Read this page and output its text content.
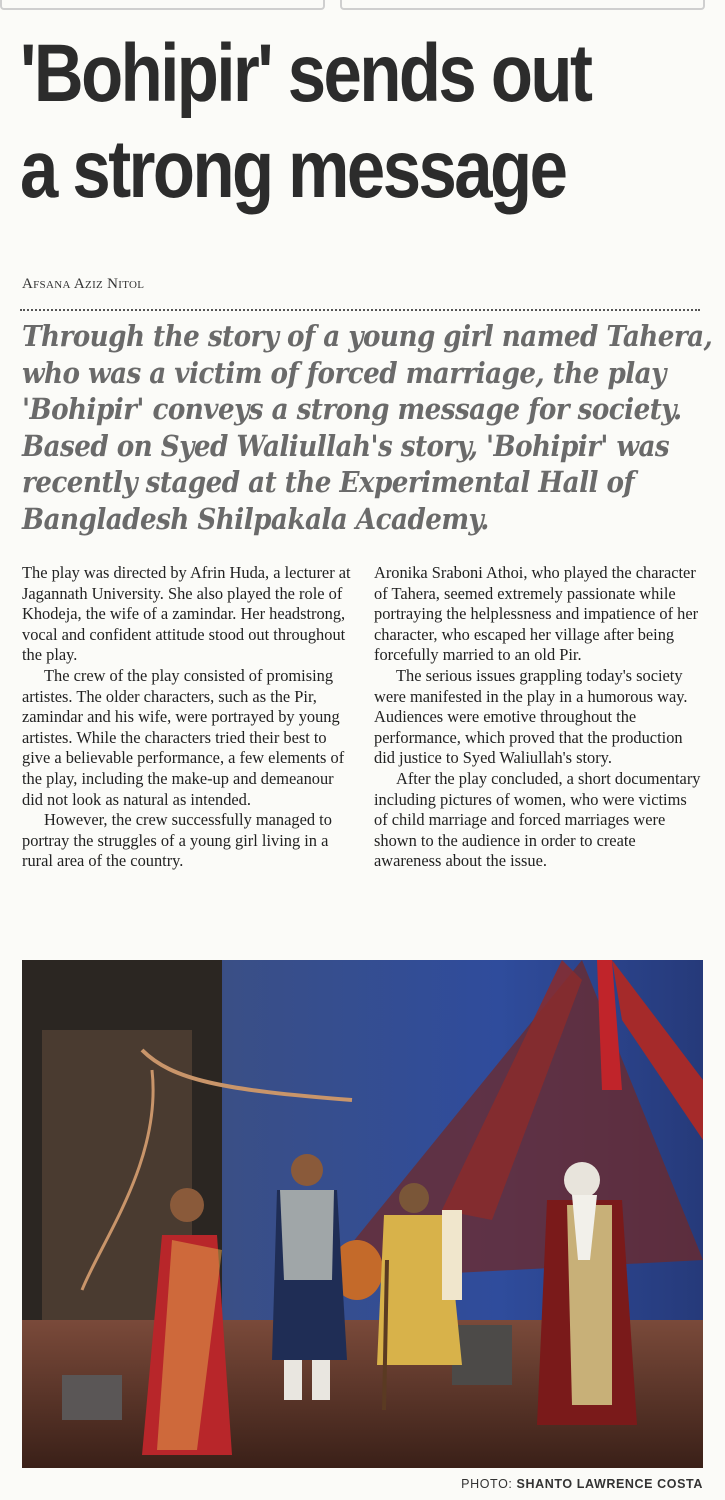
'Bohipir' sends out
a strong message
Afsana Aziz Nitol
Through the story of a young girl named Tahera,
who was a victim of forced marriage, the play
'Bohipir' conveys a strong message for society.
Based on Syed Waliullah's story, 'Bohipir' was
recently staged at the Experimental Hall of
Bangladesh Shilpakala Academy.

The play was directed by Afrin Huda, a lecturer at Jagannath University. She also played the role of Khodeja, the wife of a zamindar. Her headstrong, vocal and confident attitude stood out throughout the play.

The crew of the play consisted of promising artistes. The older characters, such as the Pir, zamindar and his wife, were portrayed by young artistes. While the characters tried their best to give a believable performance, a few elements of the play, including the make-up and demeanour did not look as natural as intended.

However, the crew successfully managed to portray the struggles of a young girl living in a rural area of the country.

Aronika Sraboni Athoi, who played the character of Tahera, seemed extremely passionate while portraying the helplessness and impatience of her character, who escaped her village after being forcefully married to an old Pir.

The serious issues grappling today's society were manifested in the play in a humorous way. Audiences were emotive throughout the performance, which proved that the production did justice to Syed Waliullah's story.

After the play concluded, a short documentary including pictures of women, who were victims of child marriage and forced marriages were shown to the audience in order to create awareness about the issue.

PHOTO: SHANTO LAWRENCE COSTA
